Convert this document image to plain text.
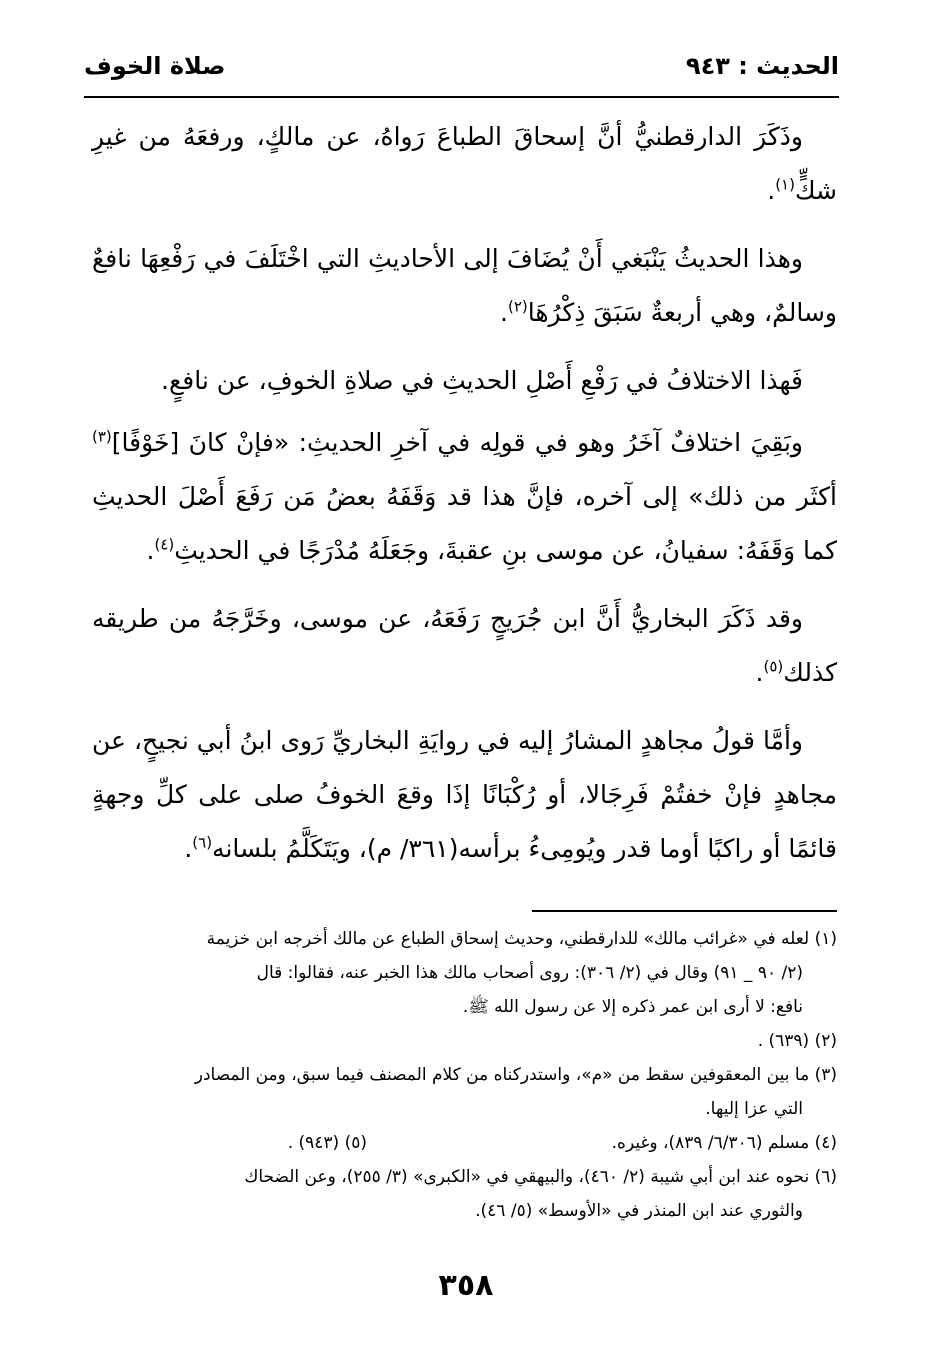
الحديث : ٩٤٣
صلاة الخوف

وذَكَرَ الدارقطنيُّ أنَّ إسحاقَ الطباعَ رَواهُ، عن مالكٍ، ورفعَهُ من غيرِ شكٍّ$^{(١)}$.

وهذا الحديثُ يَنْبَغي أَنْ يُضَافَ إلى الأحاديثِ التي اخْتَلَفَ في رَفْعِهَا نافعٌ وسالمٌ، وهي أربعةٌ سَبَقَ ذِكْرُهَا$^{(٢)}$.

فَهذا الاختلافُ في رَفْعِ أَصْلِ الحديثِ في صلاةِ الخوفِ، عن نافعٍ.

وبَقِيَ اختلافٌ آخَرُ وهو في قولِه في آخرِ الحديثِ: «فإنْ كانَ [خَوْفًا]$^{(٣)}$ أكثَر من ذلك» إلى آخره، فإنَّ هذا قد وَقَفَهُ بعضُ مَن رَفَعَ أَصْلَ الحديثِ كما وَقَفَهُ: سفيانُ، عن موسى بنِ عقبةَ، وجَعَلَهُ مُدْرَجًا في الحديثِ$^{(٤)}$.

وقد ذَكَرَ البخاريُّ أَنَّ ابن جُرَيجٍ رَفَعَهُ، عن موسى، وخَرَّجَهُ من طريقه كذلك$^{(٥)}$.

وأمَّا قولُ مجاهدٍ المشارُ إليه في روايَةِ البخاريِّ رَوى ابنُ أبي نجيحٍ، عن مجاهدٍ فإنْ خفتُمْ فَرِجَالا، أو رُكْبَانًا إذَا وقعَ الخوفُ صلى على كلِّ وجهةٍ قائمًا أو راكبًا أوما قدر ويُومِىءُ برأسه(٣٦١/ م)، ويَتَكَلَّمُ بلسانه$^{(٦)}$.

(١) لعله في «غرائب مالك» للدارقطني، وحديث إسحاق الطباع عن مالك أخرجه ابن خزيمة

(٢/ ٩٠ _ ٩١) وقال في (٢/ ٣٠٦): روى أصحاب مالك هذا الخبر عنه، فقالوا: قال

نافع: لا أرى ابن عمر ذكره إلا عن رسول الله ﷺ.

(٢) (٦٣٩) .

(٣) ما بين المعقوفين سقط من «م»، واستدركناه من كلام المصنف فيما سبق، ومن المصادر

التي عزا إليها.

(٤) مسلم (٦/٣٠٦/ ٨٣٩)، وغيره.
(٥) (٩٤٣) .

(٦) نحوه عند ابن أبي شيبة (٢/ ٤٦٠)، والبيهقي في «الكبرى» (٣/ ٢٥٥)، وعن الضحاك

والثوري عند ابن المنذر في «الأوسط» (٥/ ٤٦).

٣٥٨
